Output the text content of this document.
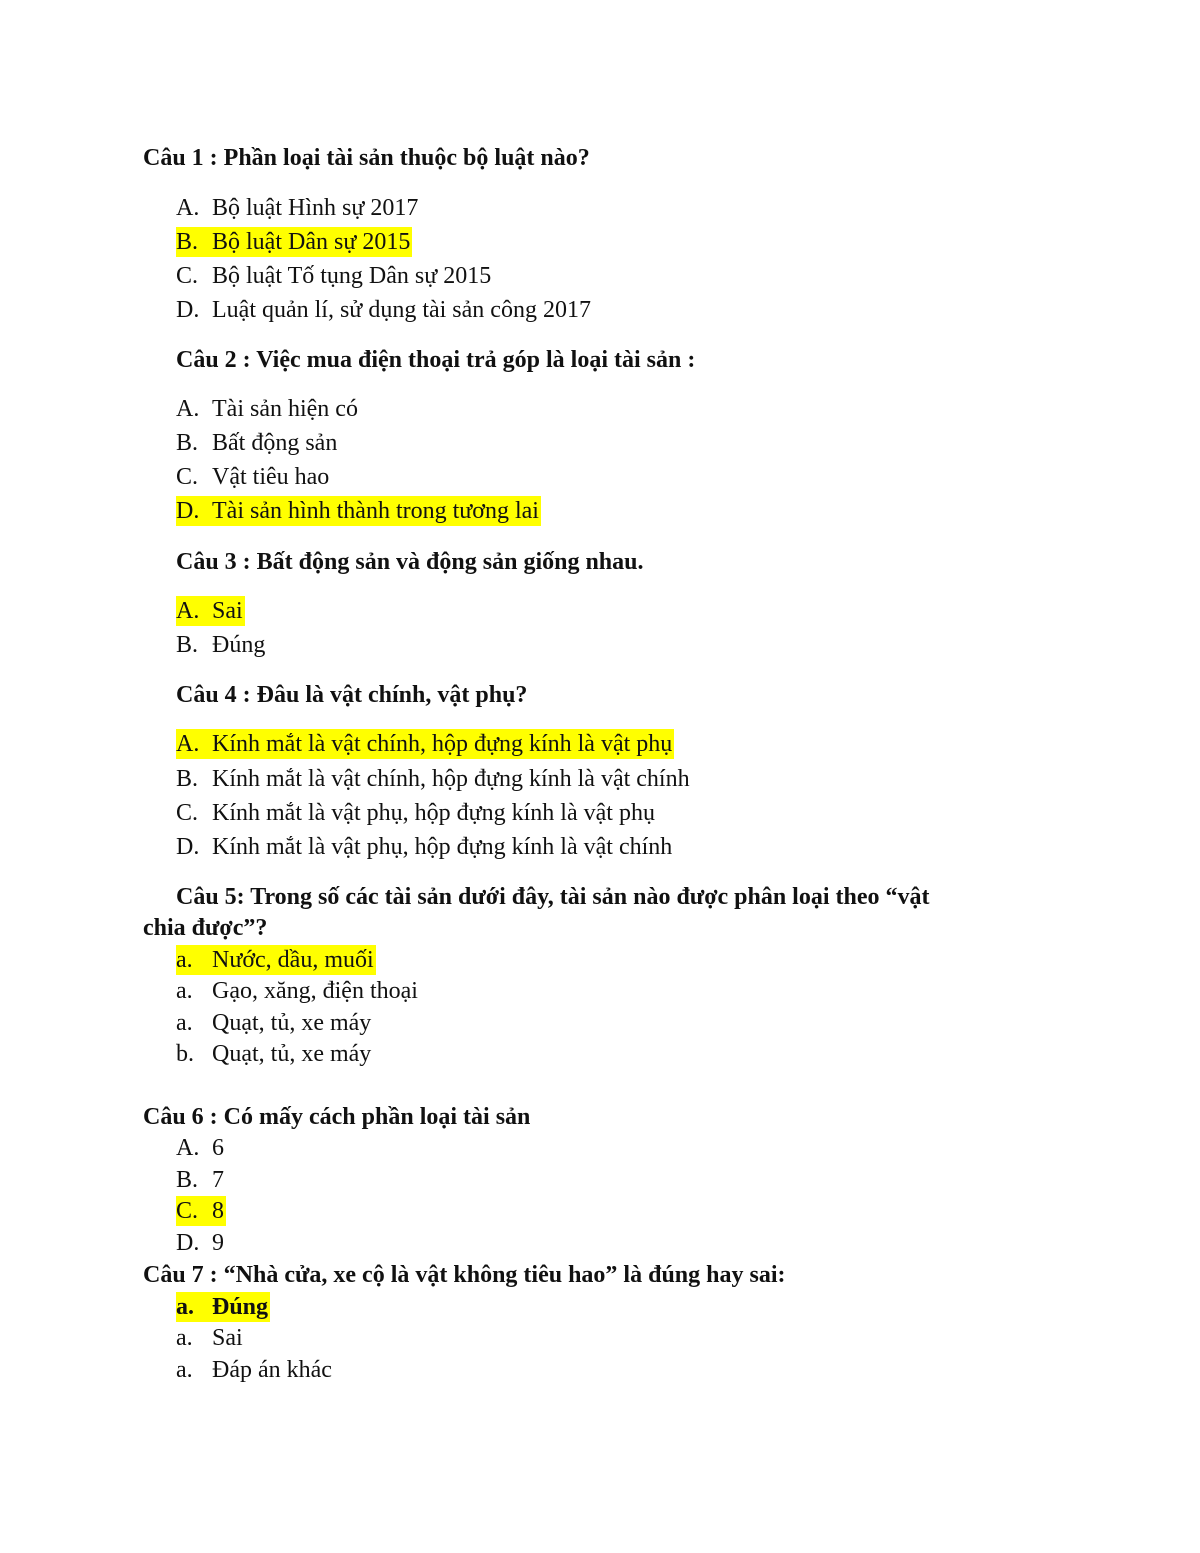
Câu 1 : Phần loại tài sản thuộc bộ luật nào?
A. Bộ luật Hình sự 2017
B. Bộ luật Dân sự 2015
C. Bộ luật Tố tụng Dân sự 2015
D. Luật quản lí, sử dụng tài sản công 2017
Câu 2 : Việc mua điện thoại trả góp là loại tài sản :
A. Tài sản hiện có
B. Bất động sản
C. Vật tiêu hao
D. Tài sản hình thành trong tương lai
Câu 3 : Bất động sản và động sản giống nhau.
A. Sai
B. Đúng
Câu 4 : Đâu là vật chính, vật phụ?
A. Kính mắt là vật chính, hộp đựng kính là vật phụ
B. Kính mắt là vật chính, hộp đựng kính là vật chính
C. Kính mắt là vật phụ, hộp đựng kính là vật phụ
D. Kính mắt là vật phụ, hộp đựng kính là vật chính
Câu 5: Trong số các tài sản dưới đây, tài sản nào được phân loại theo “vật
chia được”?
a. Nước, dầu, muối
a. Gạo, xăng, điện thoại
a. Quạt, tủ, xe máy
b. Quạt, tủ, xe máy
Câu 6 : Có mấy cách phần loại tài sản
A. 6
B. 7
C. 8
D. 9
Câu 7 : “Nhà cửa, xe cộ là vật không tiêu hao” là đúng hay sai:
a. Đúng
a. Sai
a. Đáp án khác
